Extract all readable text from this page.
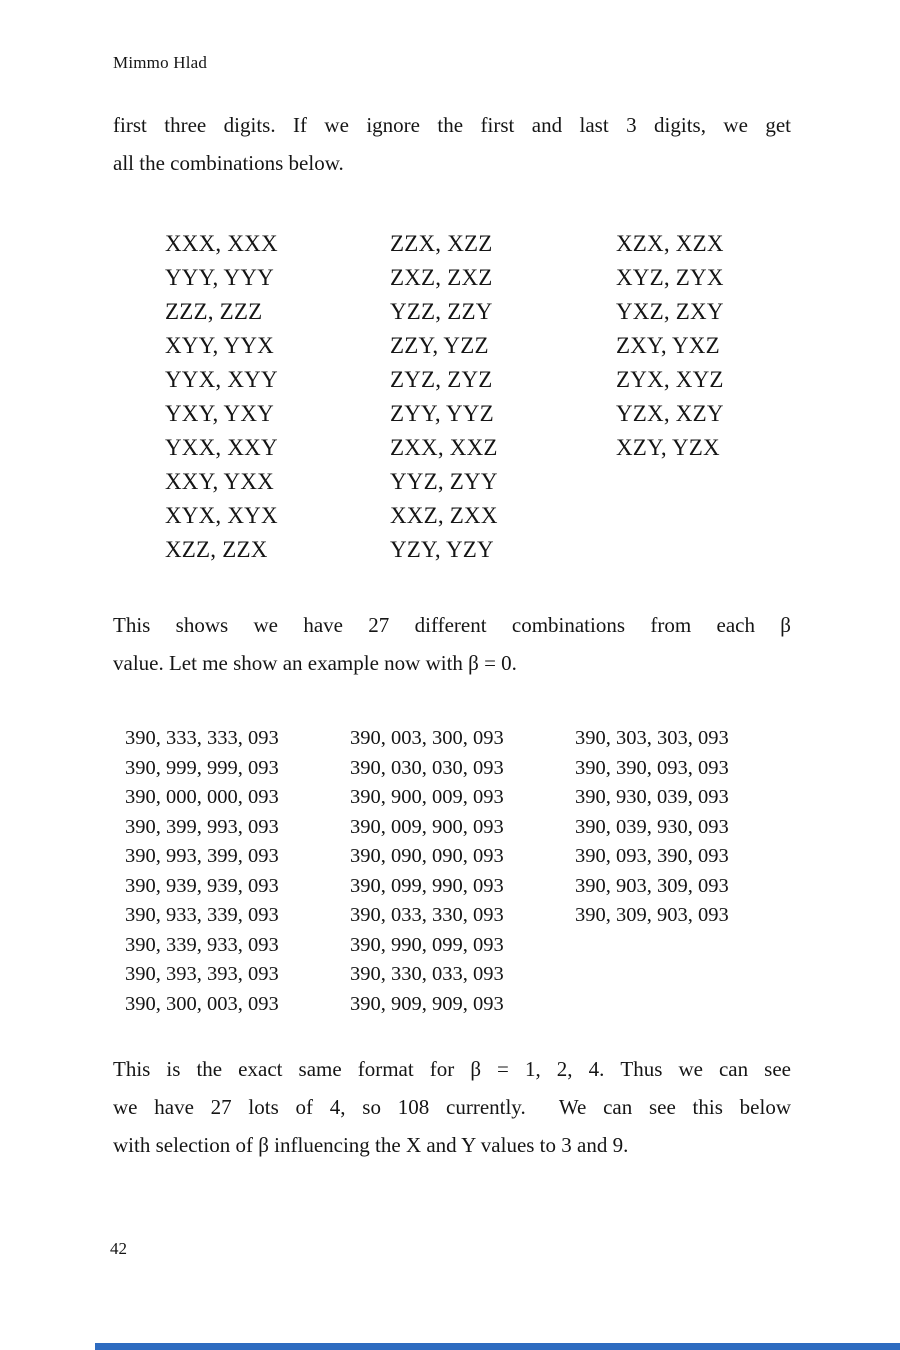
Mimmo Hlad
first three digits. If we ignore the first and last 3 digits, we get
all the combinations below.
XXX, XXX
YYY, YYY
ZZZ, ZZZ
XYY, YYX
YYX, XYY
YXY, YXY
YXX, XXY
XXY, YXX
XYX, XYX
XZZ, ZZX
ZZX, XZZ
ZXZ, ZXZ
YZZ, ZZY
ZZY, YZZ
ZYZ, ZYZ
ZYY, YYZ
ZXX, XXZ
YYZ, ZYY
XXZ, ZXX
YZY, YZY
XZX, XZX
XYZ, ZYX
YXZ, ZXY
ZXY, YXZ
ZYX, XYZ
YZX, XZY
XZY, YZX
This shows we have 27 different combinations from each β
value. Let me show an example now with β = 0.
390, 333, 333, 093
390, 999, 999, 093
390, 000, 000, 093
390, 399, 993, 093
390, 993, 399, 093
390, 939, 939, 093
390, 933, 339, 093
390, 339, 933, 093
390, 393, 393, 093
390, 300, 003, 093
390, 003, 300, 093
390, 030, 030, 093
390, 900, 009, 093
390, 009, 900, 093
390, 090, 090, 093
390, 099, 990, 093
390, 033, 330, 093
390, 990, 099, 093
390, 330, 033, 093
390, 909, 909, 093
390, 303, 303, 093
390, 390, 093, 093
390, 930, 039, 093
390, 039, 930, 093
390, 093, 390, 093
390, 903, 309, 093
390, 309, 903, 093
This is the exact same format for β = 1, 2, 4. Thus we can see
we have 27 lots of 4, so 108 currently.  We can see this below
with selection of β influencing the X and Y values to 3 and 9.
42
